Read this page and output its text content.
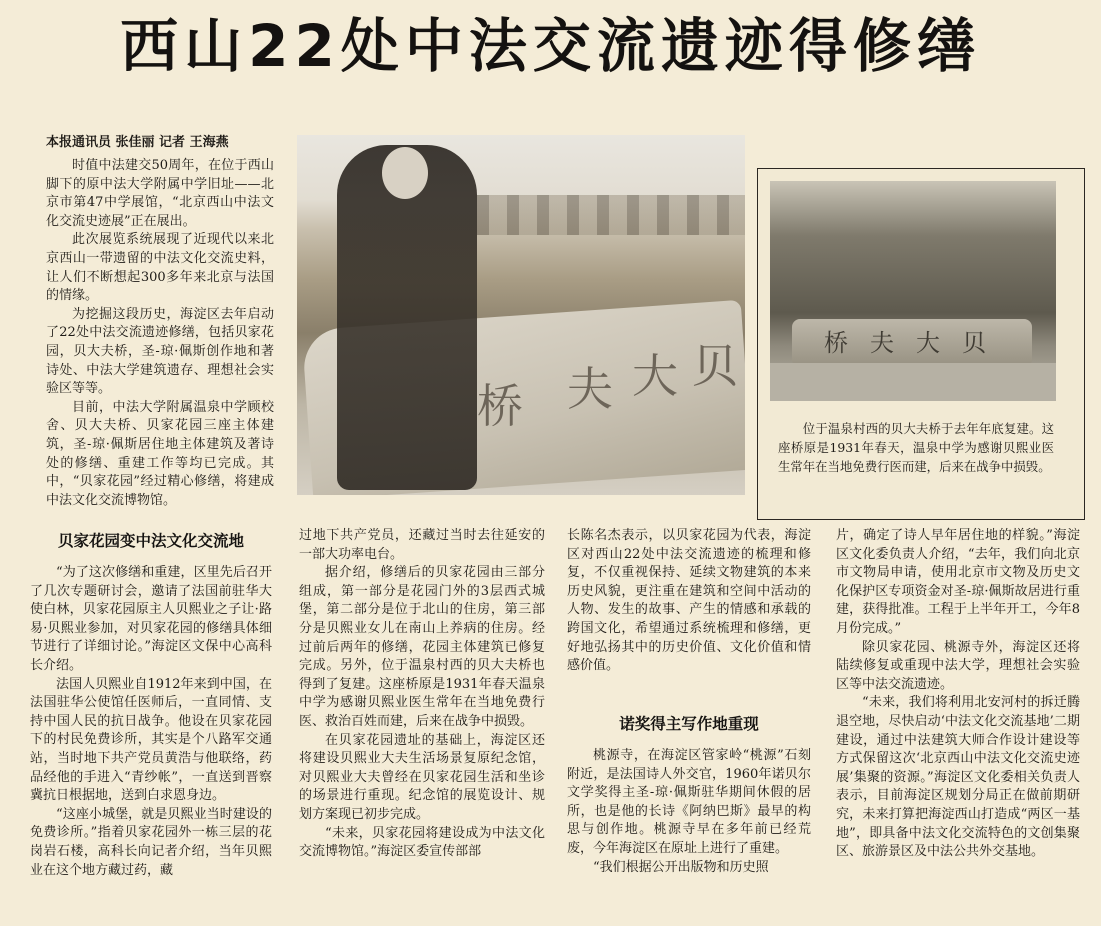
西山22处中法交流遗迹得修缮
本报通讯员 张佳丽 记者 王海燕

时值中法建交50周年，在位于西山脚下的原中法大学附属中学旧址——北京市第47中学展馆，“北京西山中法文化交流史迹展”正在展出。

此次展览系统展现了近现代以来北京西山一带遗留的中法文化交流史料，让人们不断想起300多年来北京与法国的情缘。

为挖掘这段历史，海淀区去年启动了22处中法交流遗迹修缮，包括贝家花园，贝大夫桥，圣-琼·佩斯创作地和著诗处、中法大学建筑遗存、理想社会实验区等等。

目前，中法大学附属温泉中学顾校舍、贝大夫桥、贝家花园三座主体建筑，圣-琼·佩斯居住地主体建筑及著诗处的修缮、重建工作等均已完成。其中，“贝家花园”经过精心修缮，将建成中法文化交流博物馆。

桥 夫 大 贝	桥夫大贝

位于温泉村西的贝大夫桥于去年年底复建。这座桥原是1931年春天，温泉中学为感谢贝熙业医生常年在当地免费行医而建，后来在战争中损毁。

贝家花园变中法文化交流地

“为了这次修缮和重建，区里先后召开了几次专题研讨会，邀请了法国前驻华大使白林，贝家花园原主人贝熙业之子让·路易·贝熙业参加，对贝家花园的修缮具体细节进行了详细讨论。”海淀区文保中心高科长介绍。

法国人贝熙业自1912年来到中国，在法国驻华公使馆任医师后，一直同情、支持中国人民的抗日战争。他设在贝家花园下的村民免费诊所，其实是个八路军交通站，当时地下共产党员黄浩与他联络，药品经他的手进入“青纱帐”，一直送到晋察冀抗日根据地，送到白求恩身边。

“这座小城堡，就是贝熙业当时建设的免费诊所。”指着贝家花园外一栋三层的花岗岩石楼，高科长向记者介绍，当年贝熙业在这个地方藏过药，藏

过地下共产党员，还藏过当时去往延安的一部大功率电台。

据介绍，修缮后的贝家花园由三部分组成，第一部分是花园门外的3层西式城堡，第二部分是位于北山的住房，第三部分是贝熙业女儿在南山上养病的住房。经过前后两年的修缮，花园主体建筑已修复完成。另外，位于温泉村西的贝大夫桥也得到了复建。这座桥原是1931年春天温泉中学为感谢贝熙业医生常年在当地免费行医、救治百姓而建，后来在战争中损毁。

在贝家花园遗址的基础上，海淀区还将建设贝熙业大夫生活场景复原纪念馆，对贝熙业大夫曾经在贝家花园生活和坐诊的场景进行重现。纪念馆的展览设计、规划方案现已初步完成。

“未来，贝家花园将建设成为中法文化交流博物馆。”海淀区委宣传部部

长陈名杰表示，以贝家花园为代表，海淀区对西山22处中法交流遗迹的梳理和修复，不仅重视保持、延续文物建筑的本来历史风貌，更注重在建筑和空间中活动的人物、发生的故事、产生的情感和承载的跨国文化，希望通过系统梳理和修缮，更好地弘扬其中的历史价值、文化价值和情感价值。

诺奖得主写作地重现

桃源寺，在海淀区管家岭“桃源”石刻附近，是法国诗人外交官，1960年诺贝尔文学奖得主圣-琼·佩斯驻华期间休假的居所，也是他的长诗《阿纳巴斯》最早的构思与创作地。桃源寺早在多年前已经荒废，今年海淀区在原址上进行了重建。

“我们根据公开出版物和历史照

片，确定了诗人早年居住地的样貌。”海淀区文化委负责人介绍，“去年，我们向北京市文物局申请，使用北京市文物及历史文化保护区专项资金对圣-琼·佩斯故居进行重建，获得批准。工程于上半年开工，今年8月份完成。”

除贝家花园、桃源寺外，海淀区还将陆续修复或重现中法大学，理想社会实验区等中法交流遗迹。

“未来，我们将利用北安河村的拆迁腾退空地，尽快启动‘中法文化交流基地’二期建设，通过中法建筑大师合作设计建设等方式保留这次‘北京西山中法文化交流史迹展’集聚的资源。”海淀区文化委相关负责人表示，目前海淀区规划分局正在做前期研究，未来打算把海淀西山打造成“两区一基地”，即具备中法文化交流特色的文创集聚区、旅游景区及中法公共外交基地。
